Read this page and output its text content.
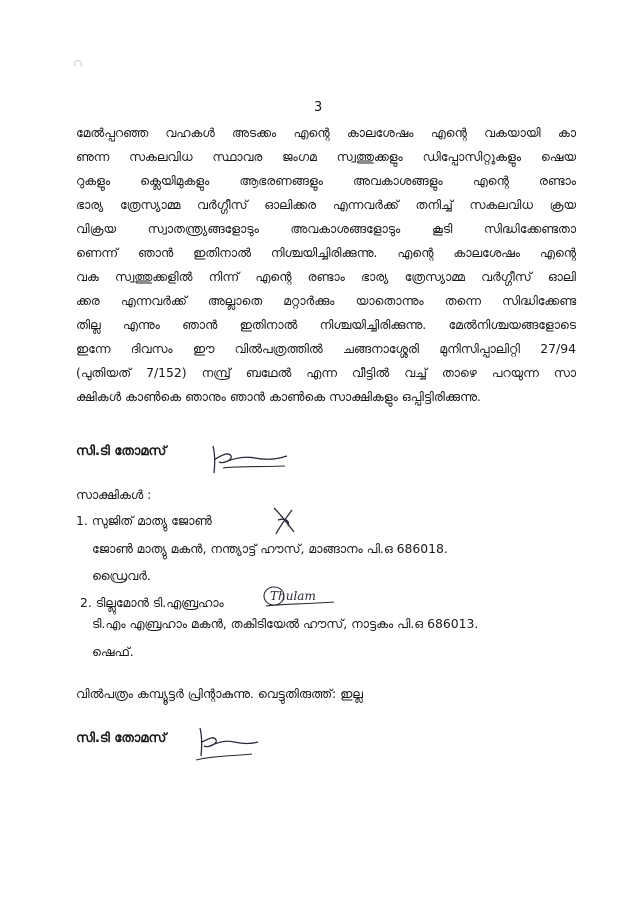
3
മേൽപ്പറഞ്ഞ വഹകൾ അടക്കം എന്റെ കാലശേഷം എന്റെ വകയായി കാ
ണുന്ന സകലവിധ സ്ഥാവര ജംഗമ സ്വത്തുക്കളും ഡിപ്പോസിറ്റുകളും ഷെയ
റുകളും ക്ലെയിമുകളും ആഭരണങ്ങളും അവകാശങ്ങളും എന്റെ രണ്ടാം
ഭാര്യ ത്രേസ്യാമ്മ വർഗ്ഗീസ് ഓലിക്കര എന്നവർക്ക് തനിച്ച് സകലവിധ ക്രയ
വിക്രയ സ്വാതന്ത്ര്യങ്ങളോടും അവകാശങ്ങളോടും കൂടി സിദ്ധിക്കേണ്ടതാ
ണെന്ന് ഞാൻ ഇതിനാൽ നിശ്ചയിച്ചിരിക്കുന്നു. എന്റെ കാലശേഷം എന്റെ
വക സ്വത്തുക്കളിൽ നിന്ന് എന്റെ രണ്ടാം ഭാര്യ ത്രേസ്യാമ്മ വർഗ്ഗീസ് ഓലി
ക്കര എന്നവർക്ക് അല്ലാതെ മറ്റാർക്കും യാതൊന്നും തന്നെ സിദ്ധിക്കേണ്ട
തില്ല എന്നും ഞാൻ ഇതിനാൽ നിശ്ചയിച്ചിരിക്കുന്നു. മേൽനിശ്ചയങ്ങളോടെ
ഇന്നേ ദിവസം ഈ വിൽപത്രത്തിൽ ചങ്ങനാശ്ശേരി മുനിസിപ്പാലിറ്റി 27/94
(പുതിയത് 7/152) നമ്പ്ര് ബഥേൽ എന്ന വീട്ടിൽ വച്ച് താഴെ പറയുന്ന സാ
ക്ഷികൾ കാൺകെ ഞാനും ഞാൻ കാൺകെ സാക്ഷികളും ഒപ്പിട്ടിരിക്കുന്നു.
സി.ടി തോമസ്
സാക്ഷികൾ :
1. സുജിത് മാത്യു ജോൺ
ജോൺ മാത്യു മകൻ, നന്ത്യാട്ട് ഹൗസ്, മാങ്ങാനം പി.ഒ 686018.
ഡ്രൈവർ.
2. ടില്ലുമോൻ ടി.എബ്രഹാം	Thulam
ടി.എം എബ്രഹാം മകൻ, തകിടിയേൽ ഹൗസ്, നാട്ടകം പി.ഒ 686013.
ഷെഫ്.
വിൽപത്രം കമ്പ്യൂട്ടർ പ്രിന്റാകുന്നു. വെട്ടുതിരുത്ത്: ഇല്ല
സി.ടി തോമസ്
